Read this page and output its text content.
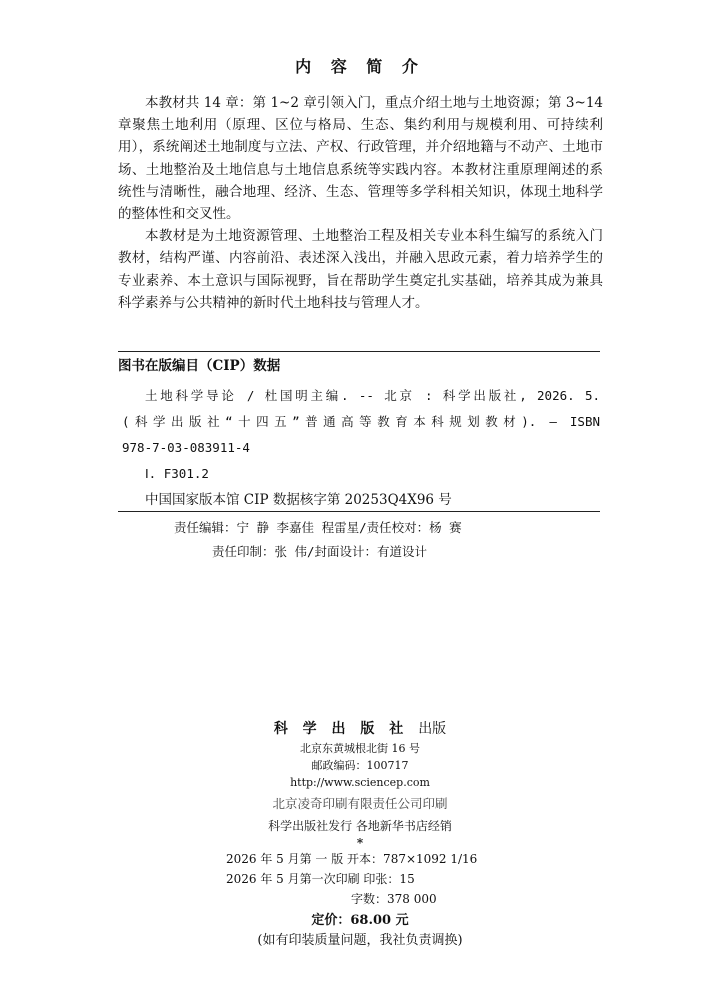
内 容 简 介

本教材共 14 章：第 1~2 章引领入门，重点介绍土地与土地资源；第 3~14 章聚焦土地利用（原理、区位与格局、生态、集约利用与规模利用、可持续利用），系统阐述土地制度与立法、产权、行政管理，并介绍地籍与不动产、土地市场、土地整治及土地信息与土地信息系统等实践内容。本教材注重原理阐述的系统性与清晰性，融合地理、经济、生态、管理等多学科相关知识，体现土地科学的整体性和交叉性。

本教材是为土地资源管理、土地整治工程及相关专业本科生编写的系统入门教材，结构严谨、内容前沿、表述深入浅出，并融入思政元素，着力培养学生的专业素养、本土意识与国际视野，旨在帮助学生奠定扎实基础，培养其成为兼具科学素养与公共精神的新时代土地科技与管理人才。

图书在版编目（CIP）数据
土地科学导论 / 杜国明主编. -- 北京 : 科学出版社, 2026. 5.
(科学出版社“十四五”普通高等教育本科规划教材). — ISBN
978-7-03-083911-4
Ⅰ. F301.2
中国国家版本馆 CIP 数据核字第 20253Q4X96 号
责任编辑：宁 静 李嘉佳 程雷星/责任校对：杨 赛
责任印制：张 伟/封面设计：有道设计
科 学 出 版 社 出版
北京东黄城根北街 16 号
邮政编码：100717
http://www.sciencep.com
北京凌奇印刷有限责任公司印刷
科学出版社发行 各地新华书店经销
*
2026 年 5 月第 一 版 开本：787×1092 1/16
2026 年 5 月第一次印刷 印张：15
字数：378 000
定价：68.00 元
(如有印装质量问题，我社负责调换)
